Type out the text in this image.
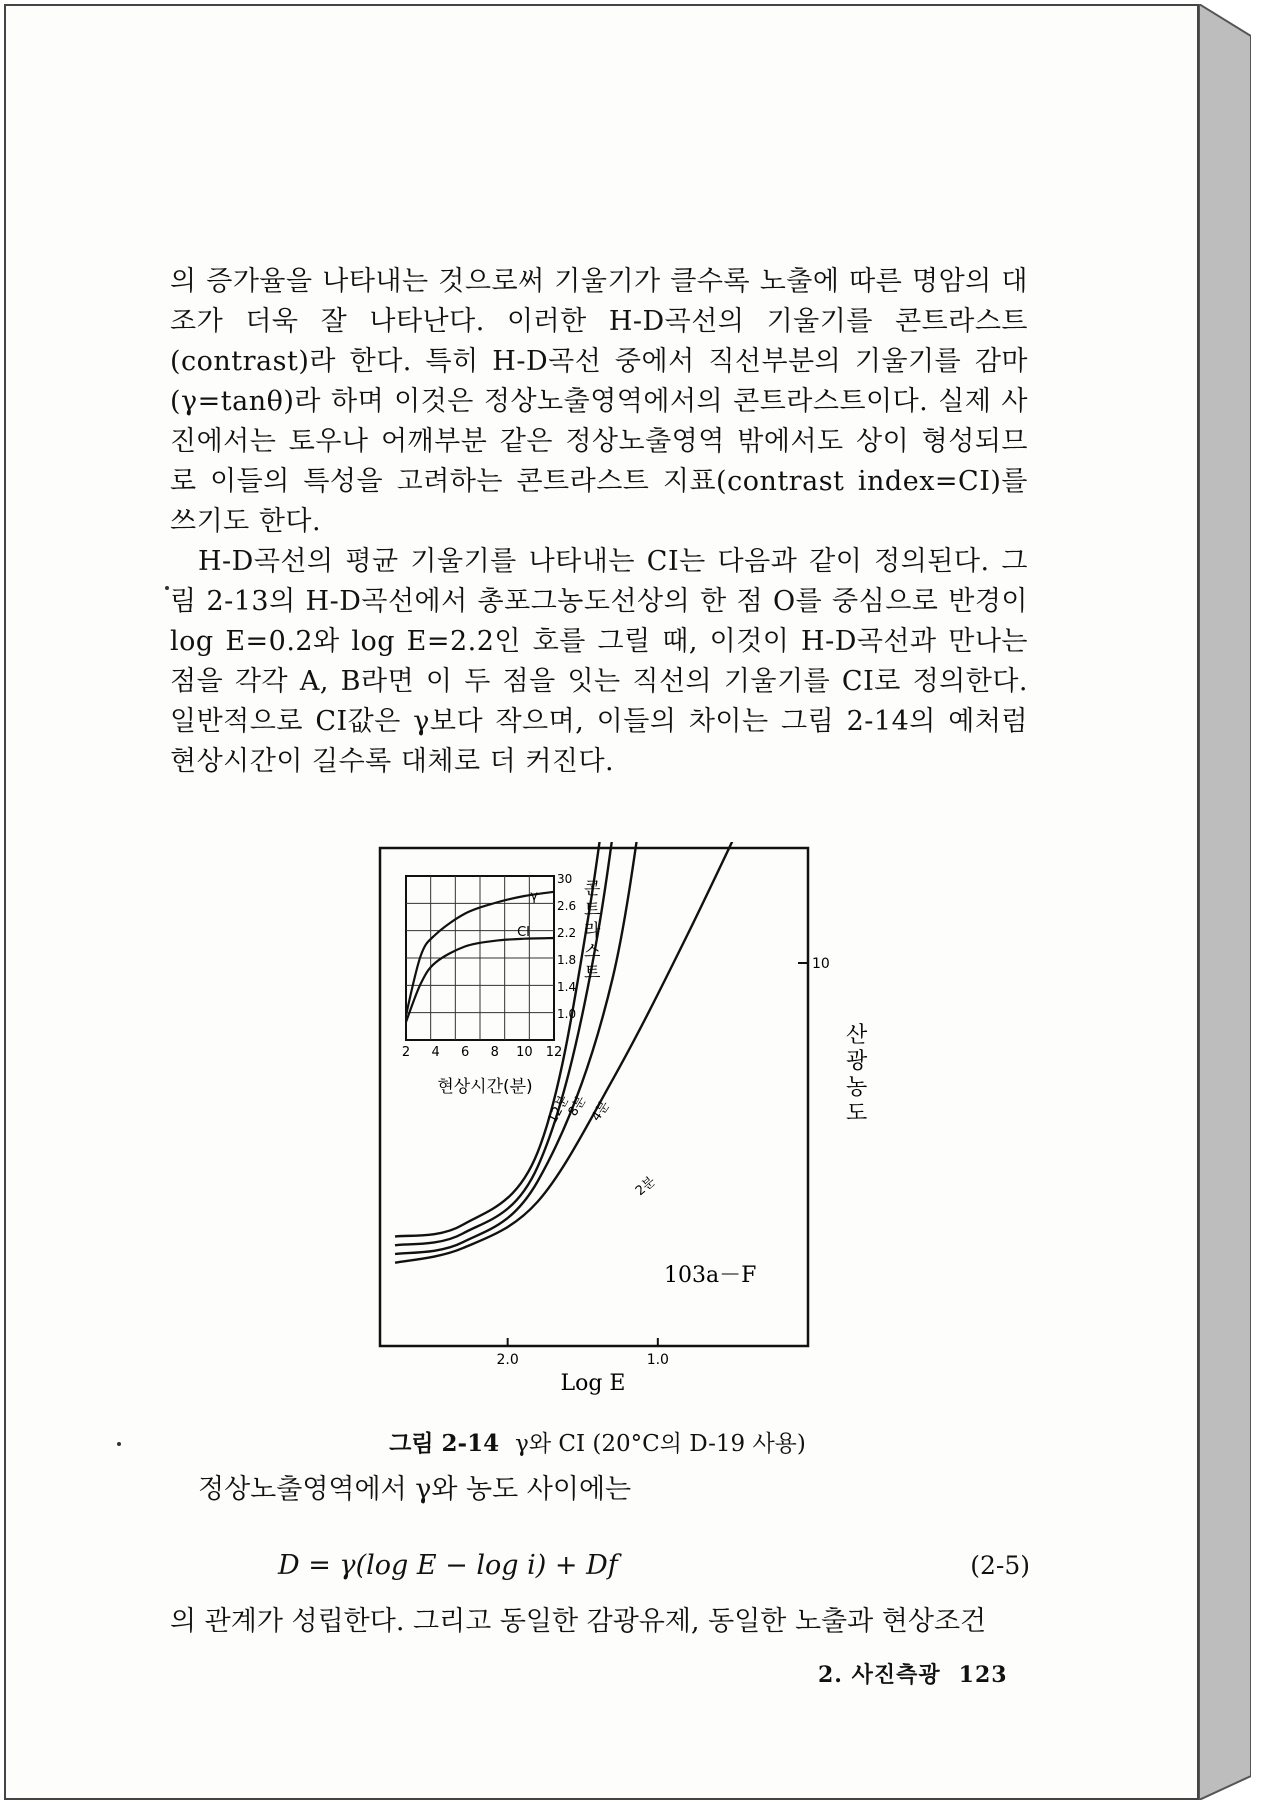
의 증가율을 나타내는 것으로써 기울기가 클수록 노출에 따른 명암의 대조가 더욱 잘 나타난다. 이러한 H-D곡선의 기울기를 콘트라스트(contrast)라 한다. 특히 H-D곡선 중에서 직선부분의 기울기를 감마(γ=tanθ)라 하며 이것은 정상노출영역에서의 콘트라스트이다. 실제 사진에서는 토우나 어깨부분 같은 정상노출영역 밖에서도 상이 형성되므로 이들의 특성을 고려하는 콘트라스트 지표(contrast index=CI)를 쓰기도 한다.

H-D곡선의 평균 기울기를 나타내는 CI는 다음과 같이 정의된다. 그림 2-13의 H-D곡선에서 총포그농도선상의 한 점 O를 중심으로 반경이 log E=0.2와 log E=2.2인 호를 그릴 때, 이것이 H-D곡선과 만나는 점을 각각 A, B라면 이 두 점을 잇는 직선의 기울기를 CI로 정의한다. 일반적으로 CI값은 γ보다 작으며, 이들의 차이는 그림 2-14의 예처럼 현상시간이 길수록 대체로 더 커진다.

2.0	1.0
10
12분
8분 4분
2분
γ
CI
30
2.6
2.2
1.8
1.4
1.0
2 4 6 8 10 12
산 광 농 도
Log E
103a－F
콘 트 라 스 트
현상시간(분)
그림 2-14 γ와 CI (20°C의 D-19 사용)

정상노출영역에서 γ와 농도 사이에는

D = γ(log E − log i) + Df	(2-5)

의 관계가 성립한다. 그리고 동일한 감광유제, 동일한 노출과 현상조건

2. 사진측광 123
